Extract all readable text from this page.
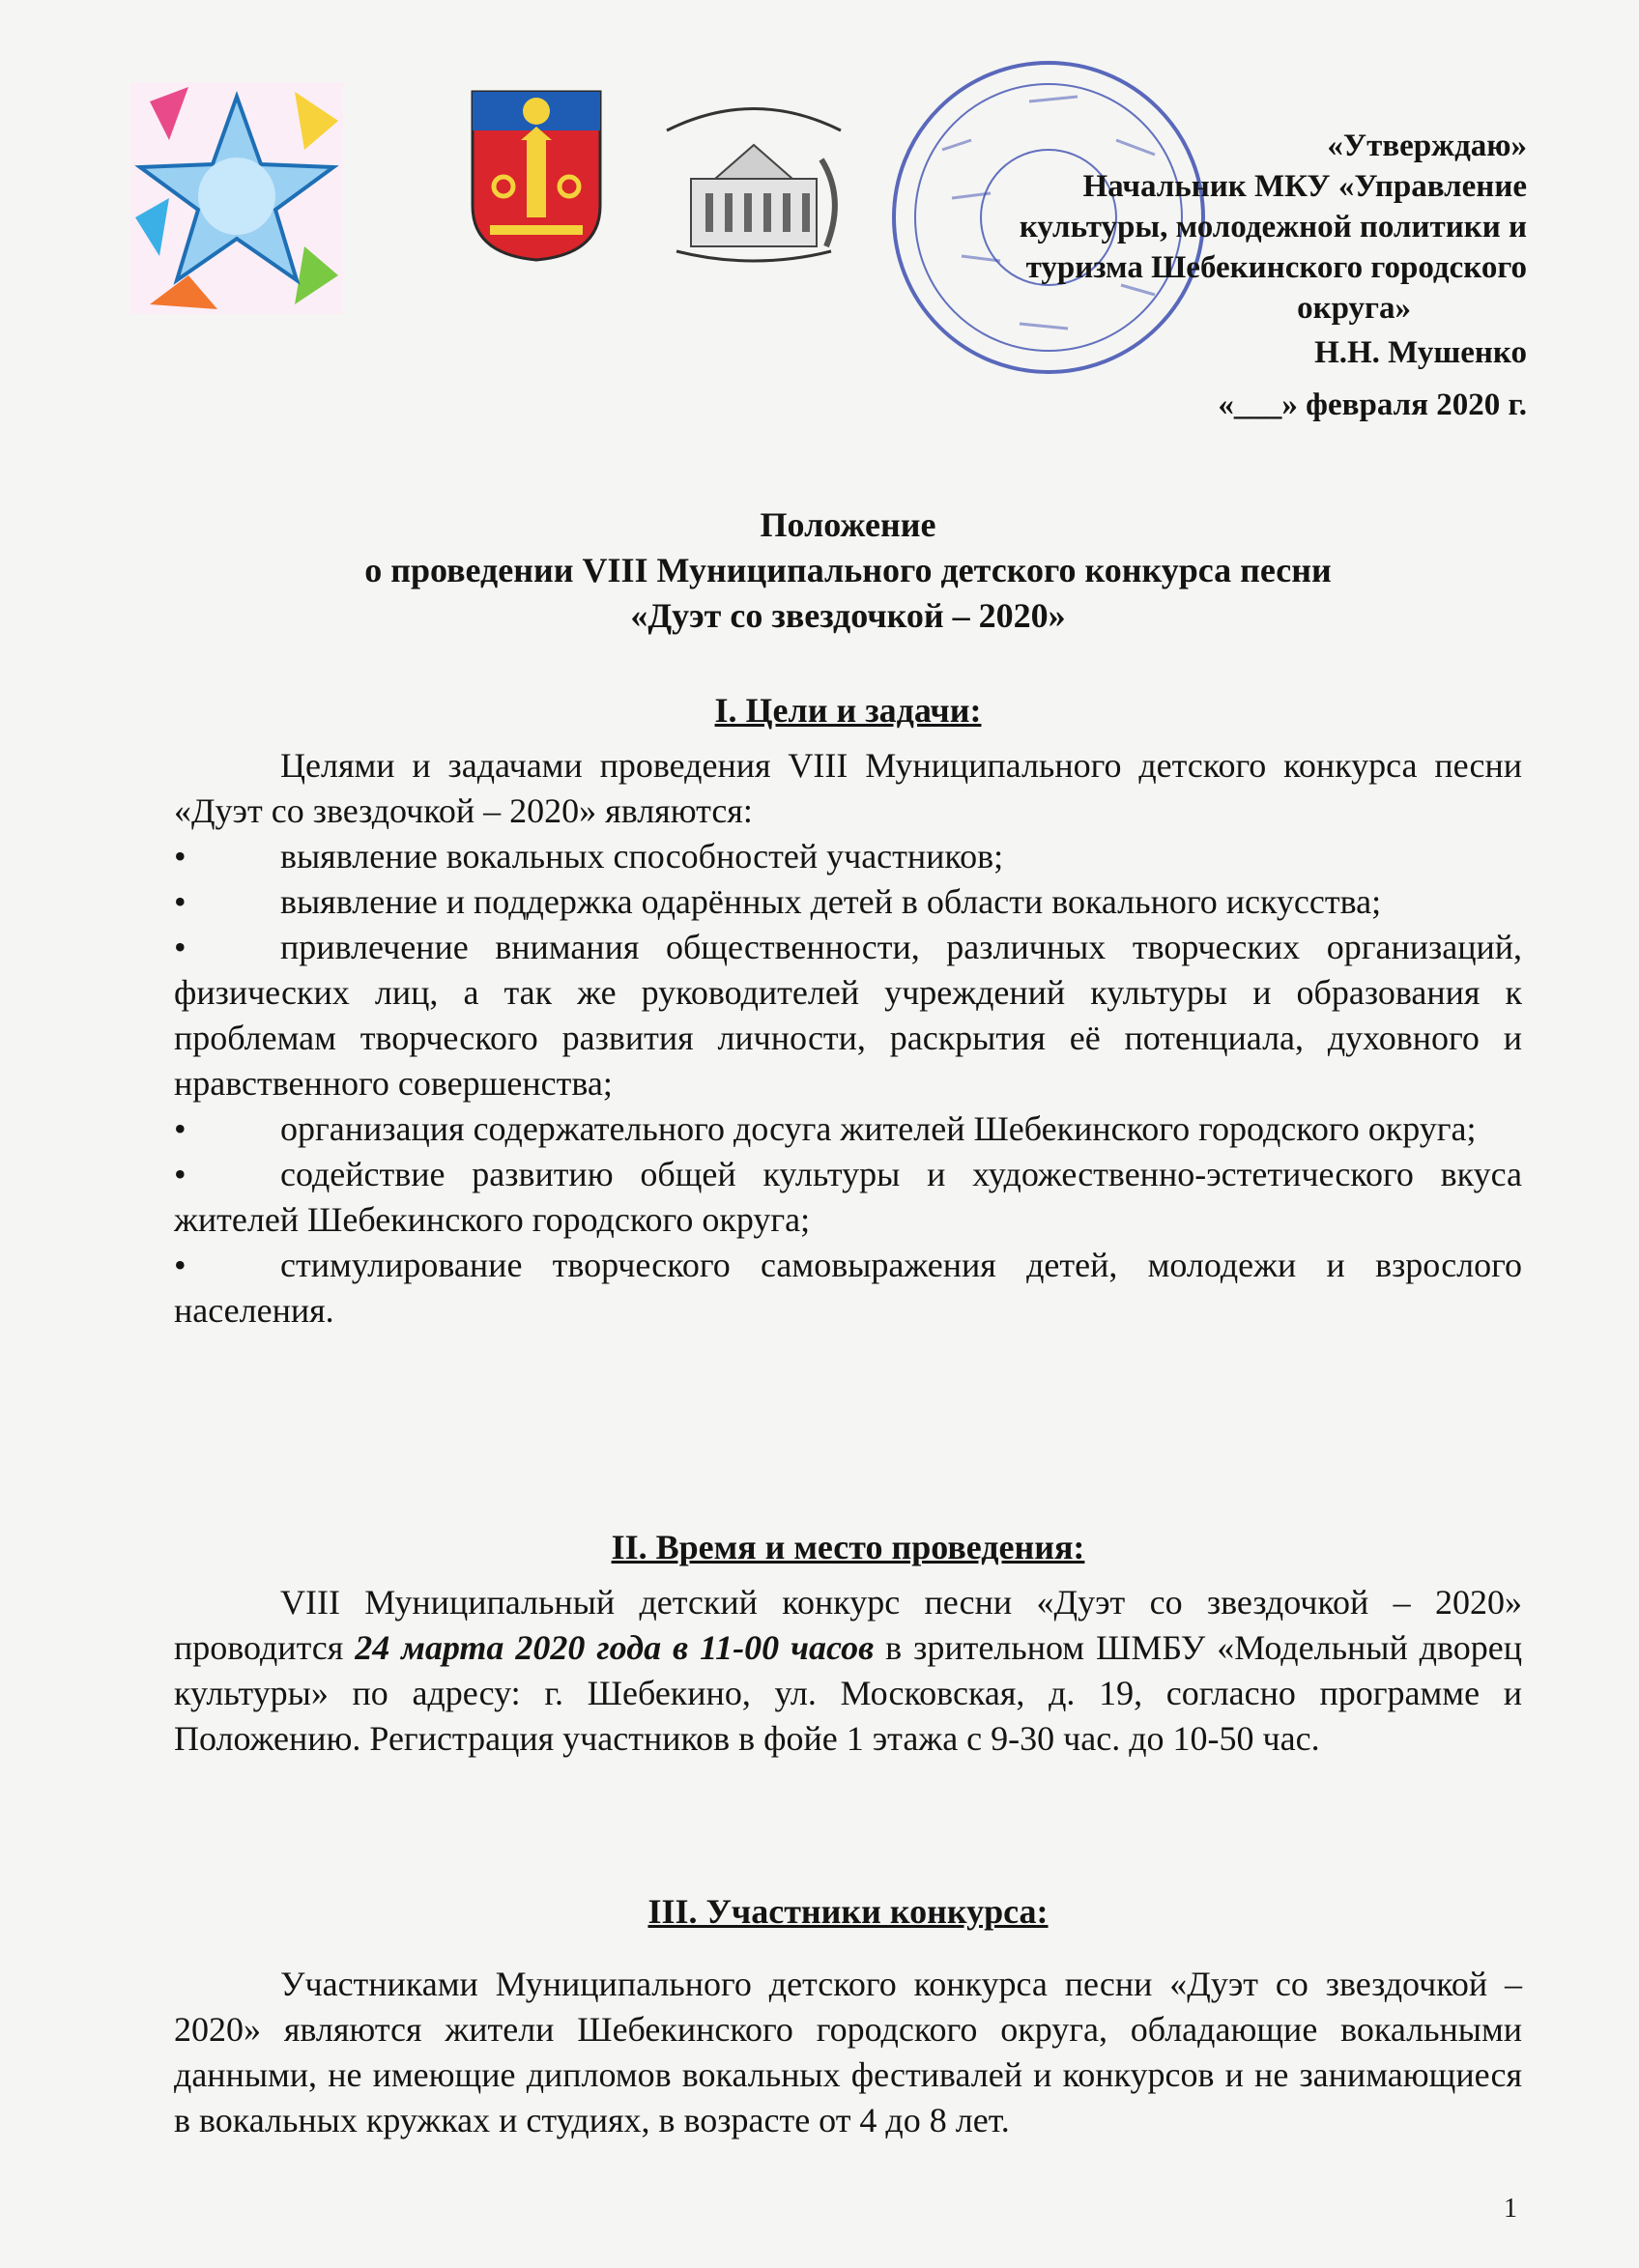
«Утверждаю»
Начальник МКУ «Управление
культуры, молодежной политики и
туризма Шебекинского городского
округа»
Н.Н. Мушенко
«___» февраля 2020 г.
Положение
о проведении VIII Муниципального детского конкурса песни
«Дуэт со звездочкой – 2020»
I. Цели и задачи:
Целями и задачами проведения VIII Муниципального детского конкурса песни «Дуэт со звездочкой – 2020» являются:
•	выявление вокальных способностей участников;
•	выявление и поддержка одарённых детей в области вокального искусства;
•	привлечение внимания общественности, различных творческих организаций, физических лиц, а так же руководителей учреждений культуры и образования к проблемам творческого развития личности, раскрытия её потенциала, духовного и нравственного совершенства;
•	организация содержательного досуга жителей Шебекинского городского округа;
•	содействие развитию общей культуры и художественно-эстетического вкуса жителей Шебекинского городского округа;
•	стимулирование творческого самовыражения детей, молодежи и взрослого населения.
II. Время и место проведения:
VIII Муниципальный детский конкурс песни «Дуэт со звездочкой – 2020» проводится 24 марта 2020 года в 11-00 часов в зрительном ШМБУ «Модельный дворец культуры» по адресу: г. Шебекино, ул. Московская, д. 19, согласно программе и Положению. Регистрация участников в фойе 1 этажа с 9-30 час. до 10-50 час.
III. Участники конкурса:
Участниками Муниципального детского конкурса песни «Дуэт со звездочкой – 2020» являются жители Шебекинского городского округа, обладающие вокальными данными, не имеющие дипломов вокальных фестивалей и конкурсов и не занимающиеся в вокальных кружках и студиях, в возрасте от 4 до 8 лет.
1
